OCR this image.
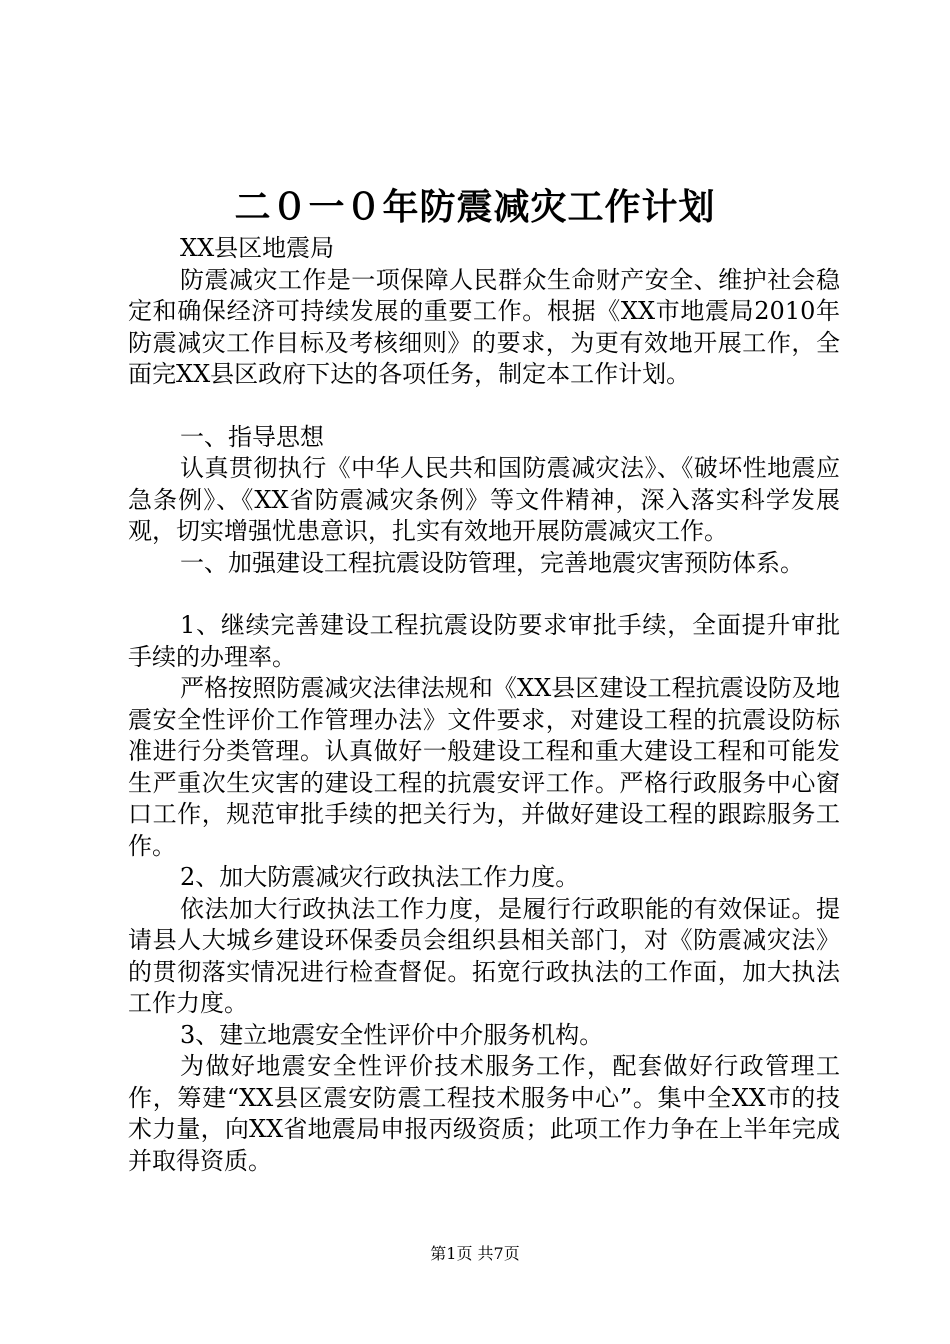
二０一０年防震减灾工作计划

XX县区地震局

防震减灾工作是一项保障人民群众生命财产安全、维护社会稳定和确保经济可持续发展的重要工作。根据《XX市地震局2010年防震减灾工作目标及考核细则》的要求，为更有效地开展工作，全面完XX县区政府下达的各项任务，制定本工作计划。

一、指导思想

认真贯彻执行《中华人民共和国防震减灾法》、《破坏性地震应急条例》、《XX省防震减灾条例》等文件精神，深入落实科学发展观，切实增强忧患意识，扎实有效地开展防震减灾工作。

一、加强建设工程抗震设防管理，完善地震灾害预防体系。

1、继续完善建设工程抗震设防要求审批手续，全面提升审批手续的办理率。

严格按照防震减灾法律法规和《XX县区建设工程抗震设防及地震安全性评价工作管理办法》文件要求，对建设工程的抗震设防标准进行分类管理。认真做好一般建设工程和重大建设工程和可能发生严重次生灾害的建设工程的抗震安评工作。严格行政服务中心窗口工作，规范审批手续的把关行为，并做好建设工程的跟踪服务工作。

2、加大防震减灾行政执法工作力度。

依法加大行政执法工作力度，是履行行政职能的有效保证。提请县人大城乡建设环保委员会组织县相关部门，对《防震减灾法》的贯彻落实情况进行检查督促。拓宽行政执法的工作面，加大执法工作力度。

3、建立地震安全性评价中介服务机构。

为做好地震安全性评价技术服务工作，配套做好行政管理工作，筹建“XX县区震安防震工程技术服务中心”。集中全XX市的技术力量，向XX省地震局申报丙级资质；此项工作力争在上半年完成并取得资质。

第1页 共7页
